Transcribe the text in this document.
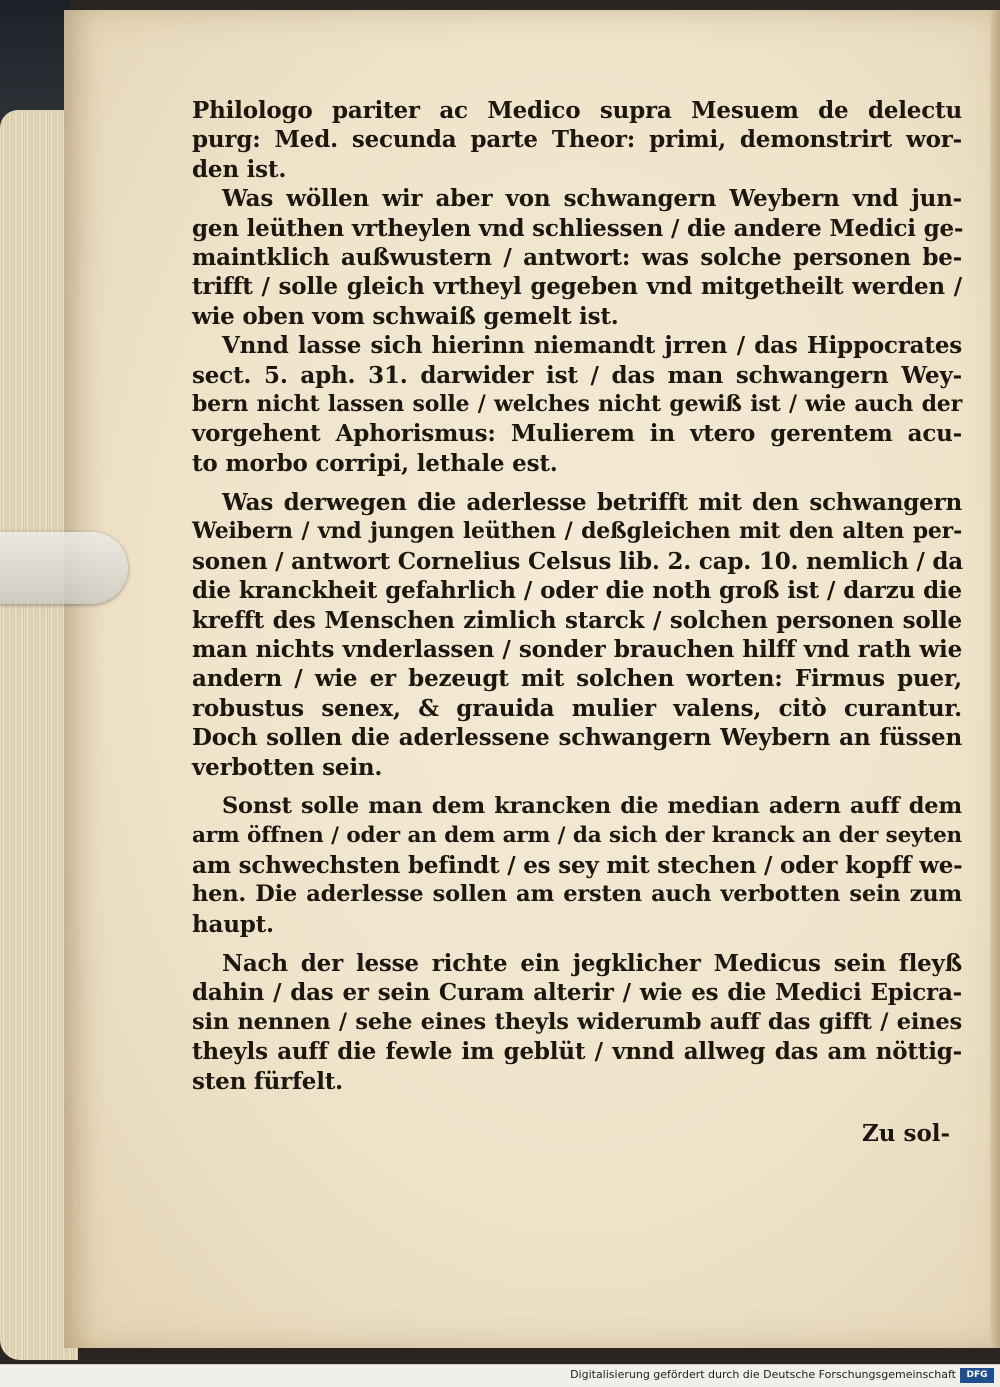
Philologo pariter ac Medico supra Mesuem de delectu
purg: Med. secunda parte Theor: primi, demonstrirt wor-
den ist.
Was wöllen wir aber von schwangern Weybern vnd jun-
gen leüthen vrtheylen vnd schliessen / die andere Medici ge-
maintklich außwustern / antwort: was solche personen be-
trifft / solle gleich vrtheyl gegeben vnd mitgetheilt werden /
wie oben vom schwaiß gemelt ist.
Vnnd lasse sich hierinn niemandt jrren / das Hippocrates
sect. 5. aph. 31. darwider ist / das man schwangern Wey-
bern nicht lassen solle / welches nicht gewiß ist / wie auch der
vorgehent Aphorismus: Mulierem in vtero gerentem acu-
to morbo corripi, lethale est.
Was derwegen die aderlesse betrifft mit den schwangern
Weibern / vnd jungen leüthen / deßgleichen mit den alten per-
sonen / antwort Cornelius Celsus lib. 2. cap. 10. nemlich / da
die kranckheit gefahrlich / oder die noth groß ist / darzu die
krefft des Menschen zimlich starck / solchen personen solle
man nichts vnderlassen / sonder brauchen hilff vnd rath wie
andern / wie er bezeugt mit solchen worten: Firmus puer,
robustus senex, & grauida mulier valens, citò curantur.
Doch sollen die aderlessene schwangern Weybern an füssen
verbotten sein.
Sonst solle man dem krancken die median adern auff dem
arm öffnen / oder an dem arm / da sich der kranck an der seyten
am schwechsten befindt / es sey mit stechen / oder kopff we-
hen. Die aderlesse sollen am ersten auch verbotten sein zum
haupt.
Nach der lesse richte ein jegklicher Medicus sein fleyß
dahin / das er sein Curam alterir / wie es die Medici Epicra-
sin nennen / sehe eines theyls widerumb auff das gifft / eines
theyls auff die fewle im geblüt / vnnd allweg das am nöttig-
sten fürfelt.
Zu sol-
Digitalisierung gefördert durch die Deutsche Forschungsgemeinschaft	DFG
